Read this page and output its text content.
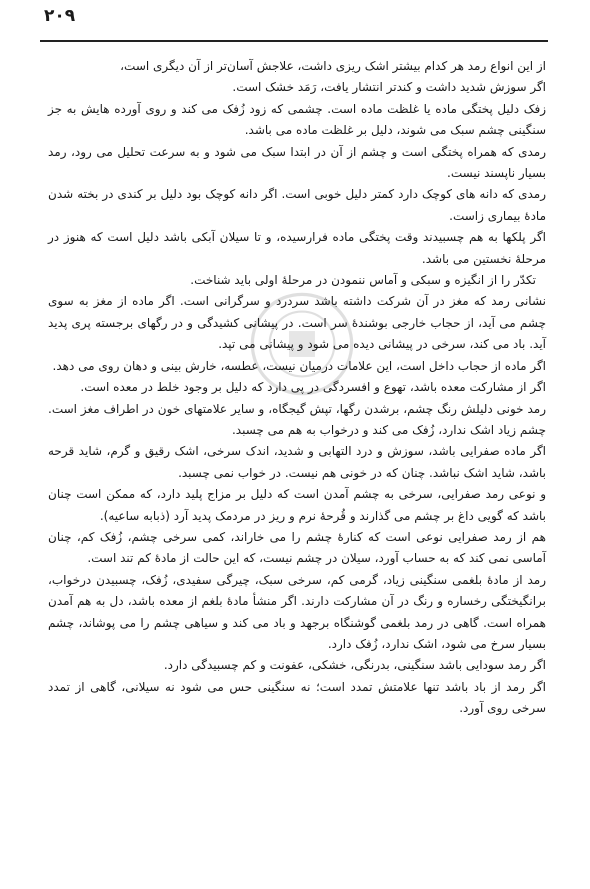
۲۰۹

از این انواع رمد هر کدام بیشتر اشک ریزی داشت، علاجش آسان‌تر از آن دیگری است،

اگر سوزش شدید داشت و کندتر انتشار یافت، رَمَد خشک است.

زفک دلیل پختگی ماده یا غلظت ماده است. چشمی که زود زُفک می کند و روی آورده هایش به جز سنگینی چشم سبک می شوند، دلیل بر غلظت ماده می باشد.

رمدی که همراه پختگی است و چشم از آن در ابتدا سبک می شود و به سرعت تحلیل می رود، رمد بسیار ناپسند نیست.

رمدی که دانه های کوچک دارد کمتر دلیل خوبی است. اگر دانه کوچک بود دلیل بر کندی در بخته شدن مادۀ بیماری زاست.

اگر پلکها به هم چسبیدند وقت پختگی ماده فرارسیده، و تا سیلان آبکی باشد دلیل است که هنوز در مرحلۀ نخستین می باشد.

تکدّر را از انگیزه و سبکی و آماس ننمودن در مرحلۀ اولی باید شناخت.

نشانی رمد که مغز در آن شرکت داشته باشد سردرد و سرگرانی است. اگر ماده از مغز به سوی چشم می آید، از حجاب خارجی بوشندۀ سر است. در پیشانی کشیدگی و در رگهای برجسته پری پدید آید. باد می کند، سرخی در پیشانی دیده می شود و پیشانی می تپد.

اگر ماده از حجاب داخل است، این علامات درمیان نیست، عطسه، خارش بینی و دهان روی می دهد.

اگر از مشارکت معده باشد، تهوع و افسردگی در پی دارد که دلیل بر وجود خلط در معده است.

رمد خونی دلیلش رنگ چشم، برشدن رگها، تپش گیجگاه، و سایر علامتهای خون در اطراف مغز است. چشم زیاد اشک ندارد، زُفک می کند و درخواب به هم می چسبد.

اگر ماده صفرایی باشد، سوزش و درد التهابی و شدید، اندک سرخی، اشک رقیق و گرم، شاید قرحه باشد، شاید اشک نباشد. چنان که در خونی هم نیست. در خواب نمی چسبد.

و نوعی رمد صفرایی، سرخی به چشم آمدن است که دلیل بر مزاج پلید دارد، که ممکن است چنان باشد که گویی داغ بر چشم می گذارند و قُرحۀ نرم و ریز در مردمک پدید آرد (ذبابه ساعیه).

هم از رمد صفرایی نوعی است که کنارۀ چشم را می خاراند، کمی سرخی چشم، زُفک کم، چنان آماسی نمی کند که به حساب آورد، سیلان در چشم نیست، که این حالت از مادۀ کم تند است.

رمد از مادۀ بلغمی سنگینی زیاد، گرمی کم، سرخی سبک، چیرگی سفیدی، زُفک، چسبیدن درخواب، برانگیختگی رخساره و رنگ در آن مشارکت دارند. اگر منشأ مادۀ بلغم از معده باشد، دل به هم آمدن همراه است. گاهی در رمد بلغمی گوشنگاه برجهد و باد می کند و سیاهی چشم را می پوشاند، چشم بسیار سرخ می شود، اشک ندارد، زُفک دارد.

اگر رمد سودایی باشد سنگینی، بدرنگی، خشکی، عفونت و کم چسبیدگی دارد.

اگر رمد از باد باشد تنها علامتش تمدد است؛ نه سنگینی حس می شود نه سیلانی، گاهی از تمدد سرخی روی آورد.
